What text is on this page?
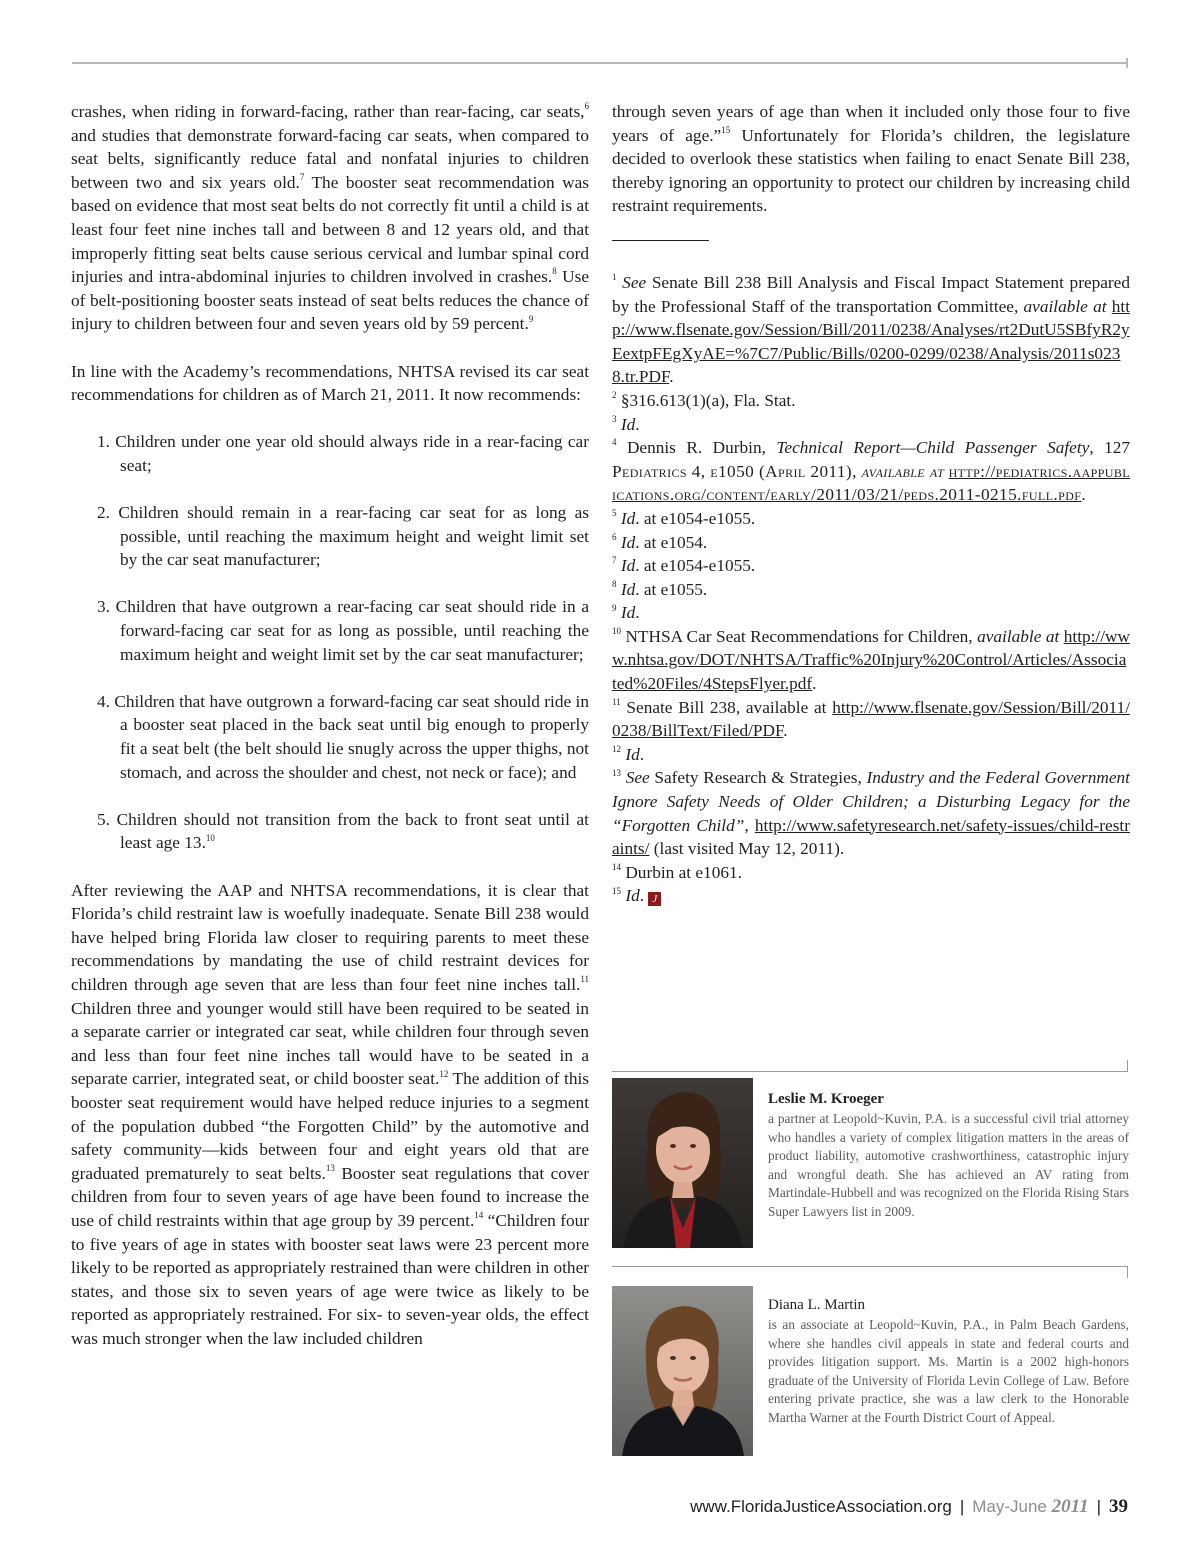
crashes, when riding in forward-facing, rather than rear-facing, car seats,$^6$ and studies that demonstrate forward-facing car seats, when compared to seat belts, significantly reduce fatal and nonfatal injuries to children between two and six years old.$^7$ The booster seat recommendation was based on evidence that most seat belts do not correctly fit until a child is at least four feet nine inches tall and between 8 and 12 years old, and that improperly fitting seat belts cause serious cervical and lumbar spinal cord injuries and intra-abdominal injuries to children involved in crashes.$^8$ Use of belt-positioning booster seats instead of seat belts reduces the chance of injury to children between four and seven years old by 59 percent.$^9$

In line with the Academy’s recommendations, NHTSA revised its car seat recommendations for children as of March 21, 2011. It now recommends:

1. Children under one year old should always ride in a rear-facing car seat;
2. Children should remain in a rear-facing car seat for as long as possible, until reaching the maximum height and weight limit set by the car seat manufacturer;
3. Children that have outgrown a rear-facing car seat should ride in a forward-facing car seat for as long as possible, until reaching the maximum height and weight limit set by the car seat manufacturer;
4. Children that have outgrown a forward-facing car seat should ride in a booster seat placed in the back seat until big enough to properly fit a seat belt (the belt should lie snugly across the upper thighs, not stomach, and across the shoulder and chest, not neck or face); and
5. Children should not transition from the back to front seat until at least age 13.10

After reviewing the AAP and NHTSA recommendations, it is clear that Florida’s child restraint law is woefully inadequate. Senate Bill 238 would have helped bring Florida law closer to requiring parents to meet these recommendations by mandating the use of child restraint devices for children through age seven that are less than four feet nine inches tall.$^{11}$ Children three and younger would still have been required to be seated in a separate carrier or integrated car seat, while children four through seven and less than four feet nine inches tall would have to be seated in a separate carrier, integrated seat, or child booster seat.$^{12}$ The addition of this booster seat requirement would have helped reduce injuries to a segment of the population dubbed “the Forgotten Child” by the automotive and safety community—kids between four and eight years old that are graduated prematurely to seat belts.$^{13}$ Booster seat regulations that cover children from four to seven years of age have been found to increase the use of child restraints within that age group by 39 percent.$^{14}$ “Children four to five years of age in states with booster seat laws were 23 percent more likely to be reported as appropriately restrained than were children in other states, and those six to seven years of age were twice as likely to be reported as appropriately restrained. For six- to seven-year olds, the effect was much stronger when the law included children

through seven years of age than when it included only those four to five years of age.”$^{15}$ Unfortunately for Florida’s children, the legislature decided to overlook these statistics when failing to enact Senate Bill 238, thereby ignoring an opportunity to protect our children by increasing child restraint requirements.

$^1$ See Senate Bill 238 Bill Analysis and Fiscal Impact Statement prepared by the Professional Staff of the transportation Committee, available at http://www.flsenate.gov/Session/Bill/2011/0238/Analyses/rt2DutU5SBfyR2yEextpFEgXyAE=%7C7/Public/Bills/0200-0299/0238/Analysis/2011s0238.tr.PDF.
$^2$ §316.613(1)(a), Fla. Stat.
$^3$ Id.
$^4$ Dennis R. Durbin, Technical Report—Child Passenger Safety, 127 Pediatrics 4, e1050 (April 2011), available at http://pediatrics.aappublications.org/content/early/2011/03/21/peds.2011-0215.full.pdf.
$^5$ Id. at e1054-e1055.
$^6$ Id. at e1054.
$^7$ Id. at e1054-e1055.
$^8$ Id. at e1055.
$^9$ Id.
$^{10}$ NTHSA Car Seat Recommendations for Children, available at http://www.nhtsa.gov/DOT/NHTSA/Traffic%20Injury%20Control/Articles/Associated%20Files/4StepsFlyer.pdf.
$^{11}$ Senate Bill 238, available at http://www.flsenate.gov/Session/Bill/2011/0238/BillText/Filed/PDF.
$^{12}$ Id.
$^{13}$ See Safety Research & Strategies, Industry and the Federal Government Ignore Safety Needs of Older Children; a Disturbing Legacy for the “Forgotten Child”, http://www.safetyresearch.net/safety-issues/child-restraints/ (last visited May 12, 2011).
$^{14}$ Durbin at e1061.
$^{15}$ Id. J
Leslie M. Kroeger
a partner at Leopold~Kuvin, P.A. is a successful civil trial attorney who handles a variety of complex litigation matters in the areas of product liability, automotive crashworthiness, catastrophic injury and wrongful death. She has achieved an AV rating from Martindale-Hubbell and was recognized on the Florida Rising Stars Super Lawyers list in 2009.
Diana L. Martin
is an associate at Leopold~Kuvin, P.A., in Palm Beach Gardens, where she handles civil appeals in state and federal courts and provides litigation support. Ms. Martin is a 2002 high-honors graduate of the University of Florida Levin College of Law. Before entering private practice, she was a law clerk to the Honorable Martha Warner at the Fourth District Court of Appeal.
www.FloridaJusticeAssociation.org | May-June 2011 | 39
